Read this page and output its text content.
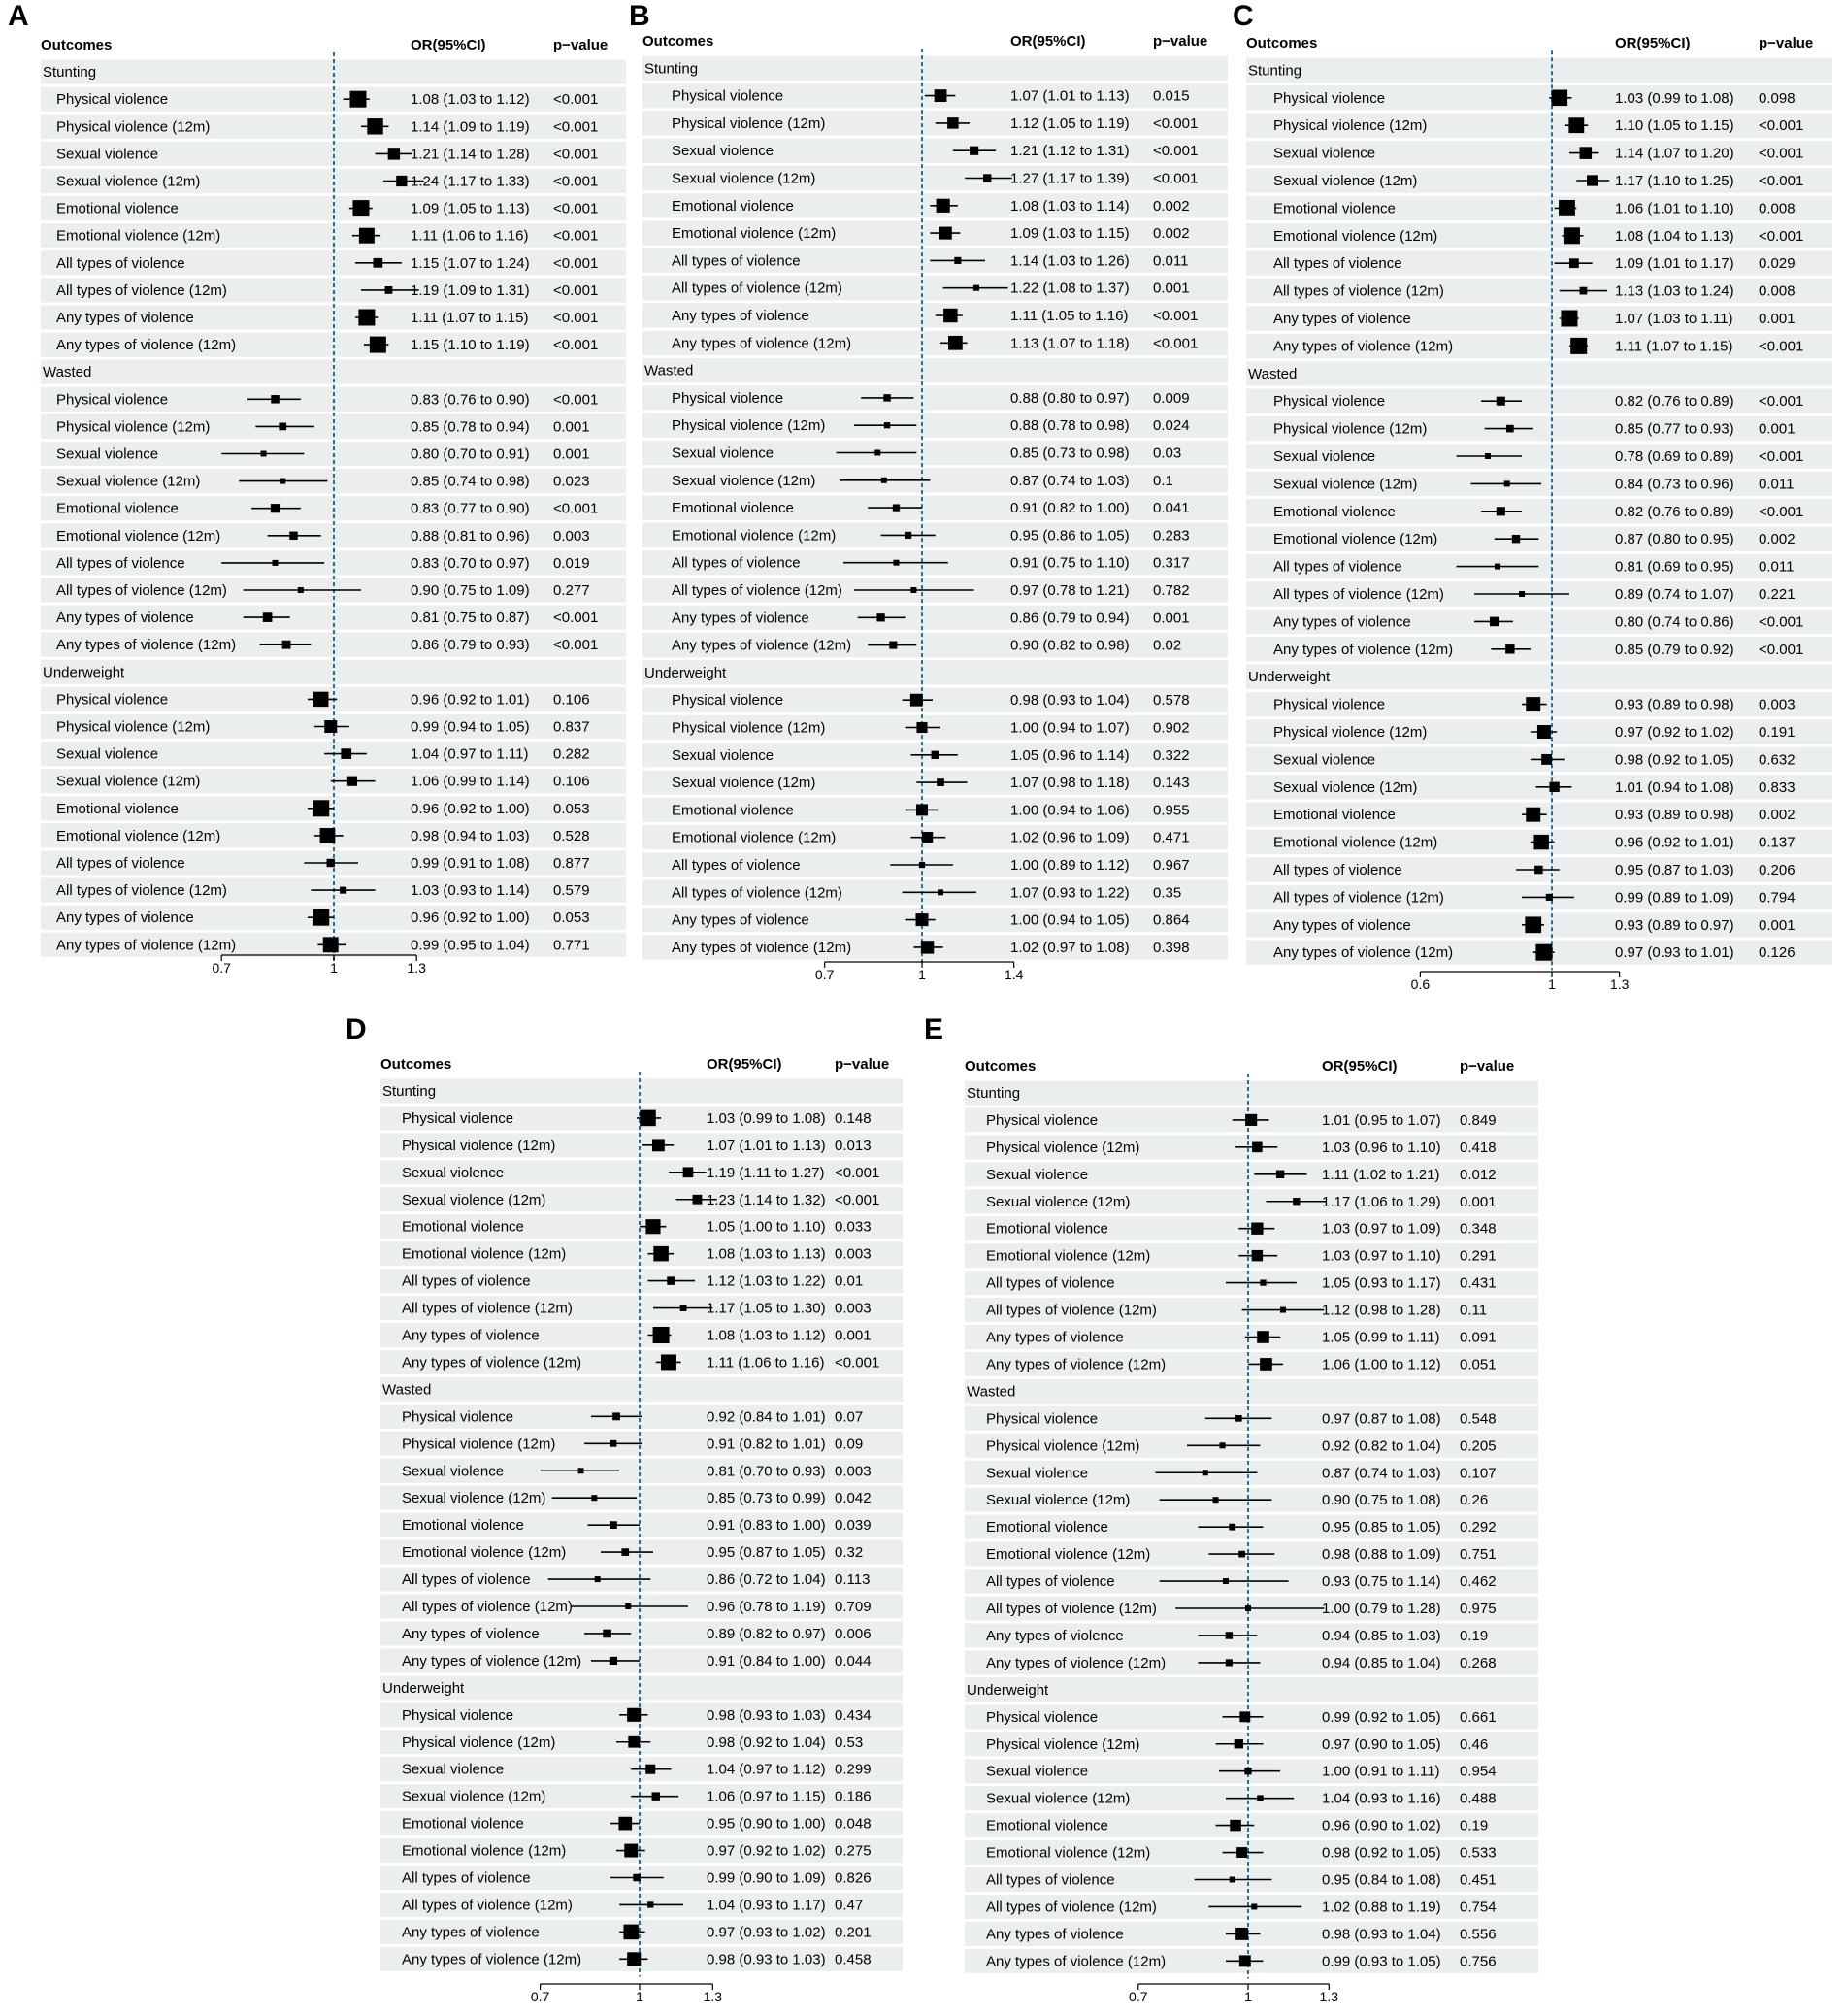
A
Outcomes	OR(95%CI)	p−value
Stunting
Physical violence	1.08 (1.03 to 1.12) <0.001
Physical violence (12m)	1.14 (1.09 to 1.19) <0.001
Sexual violence	1.21 (1.14 to 1.28) <0.001
Sexual violence (12m)	1.24 (1.17 to 1.33) <0.001
Emotional violence	1.09 (1.05 to 1.13) <0.001
Emotional violence (12m)	1.11 (1.06 to 1.16) <0.001
All types of violence	1.15 (1.07 to 1.24) <0.001
All types of violence (12m)	1.19 (1.09 to 1.31) <0.001
Any types of violence	1.11 (1.07 to 1.15) <0.001
Any types of violence (12m)	1.15 (1.10 to 1.19) <0.001
Wasted
Physical violence	0.83 (0.76 to 0.90) <0.001
Physical violence (12m)	0.85 (0.78 to 0.94) 0.001
Sexual violence	0.80 (0.70 to 0.91) 0.001
Sexual violence (12m)	0.85 (0.74 to 0.98) 0.023
Emotional violence	0.83 (0.77 to 0.90) <0.001
Emotional violence (12m)	0.88 (0.81 to 0.96) 0.003
All types of violence	0.83 (0.70 to 0.97) 0.019
All types of violence (12m)	0.90 (0.75 to 1.09) 0.277
Any types of violence	0.81 (0.75 to 0.87) <0.001
Any types of violence (12m)	0.86 (0.79 to 0.93) <0.001
Underweight
Physical violence	0.96 (0.92 to 1.01) 0.106
Physical violence (12m)	0.99 (0.94 to 1.05) 0.837
Sexual violence	1.04 (0.97 to 1.11) 0.282
Sexual violence (12m)	1.06 (0.99 to 1.14) 0.106
Emotional violence	0.96 (0.92 to 1.00) 0.053
Emotional violence (12m)	0.98 (0.94 to 1.03) 0.528
All types of violence	0.99 (0.91 to 1.08) 0.877
All types of violence (12m)	1.03 (0.93 to 1.14) 0.579
Any types of violence	0.96 (0.92 to 1.00) 0.053
Any types of violence (12m)	0.99 (0.95 to 1.04) 0.771
0.7	1	1.3
B
Outcomes	OR(95%CI)	p−value
Stunting
Physical violence	1.07 (1.01 to 1.13) 0.015
Physical violence (12m)	1.12 (1.05 to 1.19) <0.001
Sexual violence	1.21 (1.12 to 1.31) <0.001
Sexual violence (12m)	1.27 (1.17 to 1.39) <0.001
Emotional violence	1.08 (1.03 to 1.14) 0.002
Emotional violence (12m)	1.09 (1.03 to 1.15) 0.002
All types of violence	1.14 (1.03 to 1.26) 0.011
All types of violence (12m)	1.22 (1.08 to 1.37) 0.001
Any types of violence	1.11 (1.05 to 1.16) <0.001
Any types of violence (12m)	1.13 (1.07 to 1.18) <0.001
Wasted
Physical violence	0.88 (0.80 to 0.97) 0.009
Physical violence (12m)	0.88 (0.78 to 0.98) 0.024
Sexual violence	0.85 (0.73 to 0.98) 0.03
Sexual violence (12m)	0.87 (0.74 to 1.03) 0.1
Emotional violence	0.91 (0.82 to 1.00) 0.041
Emotional violence (12m)	0.95 (0.86 to 1.05) 0.283
All types of violence	0.91 (0.75 to 1.10) 0.317
All types of violence (12m)	0.97 (0.78 to 1.21) 0.782
Any types of violence	0.86 (0.79 to 0.94) 0.001
Any types of violence (12m)	0.90 (0.82 to 0.98) 0.02
Underweight
Physical violence	0.98 (0.93 to 1.04) 0.578
Physical violence (12m)	1.00 (0.94 to 1.07) 0.902
Sexual violence	1.05 (0.96 to 1.14) 0.322
Sexual violence (12m)	1.07 (0.98 to 1.18) 0.143
Emotional violence	1.00 (0.94 to 1.06) 0.955
Emotional violence (12m)	1.02 (0.96 to 1.09) 0.471
All types of violence	1.00 (0.89 to 1.12) 0.967
All types of violence (12m)	1.07 (0.93 to 1.22) 0.35
Any types of violence	1.00 (0.94 to 1.05) 0.864
Any types of violence (12m)	1.02 (0.97 to 1.08) 0.398
0.7	1	1.4
C
Outcomes	OR(95%CI)	p−value
Stunting
Physical violence	1.03 (0.99 to 1.08) 0.098
Physical violence (12m)	1.10 (1.05 to 1.15) <0.001
Sexual violence	1.14 (1.07 to 1.20) <0.001
Sexual violence (12m)	1.17 (1.10 to 1.25) <0.001
Emotional violence	1.06 (1.01 to 1.10) 0.008
Emotional violence (12m)	1.08 (1.04 to 1.13) <0.001
All types of violence	1.09 (1.01 to 1.17) 0.029
All types of violence (12m)	1.13 (1.03 to 1.24) 0.008
Any types of violence	1.07 (1.03 to 1.11) 0.001
Any types of violence (12m)	1.11 (1.07 to 1.15) <0.001
Wasted
Physical violence	0.82 (0.76 to 0.89) <0.001
Physical violence (12m)	0.85 (0.77 to 0.93) 0.001
Sexual violence	0.78 (0.69 to 0.89) <0.001
Sexual violence (12m)	0.84 (0.73 to 0.96) 0.011
Emotional violence	0.82 (0.76 to 0.89) <0.001
Emotional violence (12m)	0.87 (0.80 to 0.95) 0.002
All types of violence	0.81 (0.69 to 0.95) 0.011
All types of violence (12m)	0.89 (0.74 to 1.07) 0.221
Any types of violence	0.80 (0.74 to 0.86) <0.001
Any types of violence (12m)	0.85 (0.79 to 0.92) <0.001
Underweight
Physical violence	0.93 (0.89 to 0.98) 0.003
Physical violence (12m)	0.97 (0.92 to 1.02) 0.191
Sexual violence	0.98 (0.92 to 1.05) 0.632
Sexual violence (12m)	1.01 (0.94 to 1.08) 0.833
Emotional violence	0.93 (0.89 to 0.98) 0.002
Emotional violence (12m)	0.96 (0.92 to 1.01) 0.137
All types of violence	0.95 (0.87 to 1.03) 0.206
All types of violence (12m)	0.99 (0.89 to 1.09) 0.794
Any types of violence	0.93 (0.89 to 0.97) 0.001
Any types of violence (12m)	0.97 (0.93 to 1.01) 0.126
0.6	1	1.3
D
Outcomes	OR(95%CI)	p−value
Stunting
Physical violence	1.03 (0.99 to 1.08) 0.148
Physical violence (12m)	1.07 (1.01 to 1.13) 0.013
Sexual violence	1.19 (1.11 to 1.27) <0.001
Sexual violence (12m)	1.23 (1.14 to 1.32) <0.001
Emotional violence	1.05 (1.00 to 1.10) 0.033
Emotional violence (12m)	1.08 (1.03 to 1.13) 0.003
All types of violence	1.12 (1.03 to 1.22) 0.01
All types of violence (12m)	1.17 (1.05 to 1.30) 0.003
Any types of violence	1.08 (1.03 to 1.12) 0.001
Any types of violence (12m)	1.11 (1.06 to 1.16) <0.001
Wasted
Physical violence	0.92 (0.84 to 1.01) 0.07
Physical violence (12m)	0.91 (0.82 to 1.01) 0.09
Sexual violence	0.81 (0.70 to 0.93) 0.003
Sexual violence (12m)	0.85 (0.73 to 0.99) 0.042
Emotional violence	0.91 (0.83 to 1.00) 0.039
Emotional violence (12m)	0.95 (0.87 to 1.05) 0.32
All types of violence	0.86 (0.72 to 1.04) 0.113
All types of violence (12m)	0.96 (0.78 to 1.19) 0.709
Any types of violence	0.89 (0.82 to 0.97) 0.006
Any types of violence (12m)	0.91 (0.84 to 1.00) 0.044
Underweight
Physical violence	0.98 (0.93 to 1.03) 0.434
Physical violence (12m)	0.98 (0.92 to 1.04) 0.53
Sexual violence	1.04 (0.97 to 1.12) 0.299
Sexual violence (12m)	1.06 (0.97 to 1.15) 0.186
Emotional violence	0.95 (0.90 to 1.00) 0.048
Emotional violence (12m)	0.97 (0.92 to 1.02) 0.275
All types of violence	0.99 (0.90 to 1.09) 0.826
All types of violence (12m)	1.04 (0.93 to 1.17) 0.47
Any types of violence	0.97 (0.93 to 1.02) 0.201
Any types of violence (12m)	0.98 (0.93 to 1.03) 0.458
0.7	1	1.3
E
Outcomes	OR(95%CI)	p−value
Stunting
Physical violence	1.01 (0.95 to 1.07) 0.849
Physical violence (12m)	1.03 (0.96 to 1.10) 0.418
Sexual violence	1.11 (1.02 to 1.21) 0.012
Sexual violence (12m)	1.17 (1.06 to 1.29) 0.001
Emotional violence	1.03 (0.97 to 1.09) 0.348
Emotional violence (12m)	1.03 (0.97 to 1.10) 0.291
All types of violence	1.05 (0.93 to 1.17) 0.431
All types of violence (12m)	1.12 (0.98 to 1.28) 0.11
Any types of violence	1.05 (0.99 to 1.11) 0.091
Any types of violence (12m)	1.06 (1.00 to 1.12) 0.051
Wasted
Physical violence	0.97 (0.87 to 1.08) 0.548
Physical violence (12m)	0.92 (0.82 to 1.04) 0.205
Sexual violence	0.87 (0.74 to 1.03) 0.107
Sexual violence (12m)	0.90 (0.75 to 1.08) 0.26
Emotional violence	0.95 (0.85 to 1.05) 0.292
Emotional violence (12m)	0.98 (0.88 to 1.09) 0.751
All types of violence	0.93 (0.75 to 1.14) 0.462
All types of violence (12m)	1.00 (0.79 to 1.28) 0.975
Any types of violence	0.94 (0.85 to 1.03) 0.19
Any types of violence (12m)	0.94 (0.85 to 1.04) 0.268
Underweight
Physical violence	0.99 (0.92 to 1.05) 0.661
Physical violence (12m)	0.97 (0.90 to 1.05) 0.46
Sexual violence	1.00 (0.91 to 1.11) 0.954
Sexual violence (12m)	1.04 (0.93 to 1.16) 0.488
Emotional violence	0.96 (0.90 to 1.02) 0.19
Emotional violence (12m)	0.98 (0.92 to 1.05) 0.533
All types of violence	0.95 (0.84 to 1.08) 0.451
All types of violence (12m)	1.02 (0.88 to 1.19) 0.754
Any types of violence	0.98 (0.93 to 1.04) 0.556
Any types of violence (12m)	0.99 (0.93 to 1.05) 0.756
0.7	1	1.3
